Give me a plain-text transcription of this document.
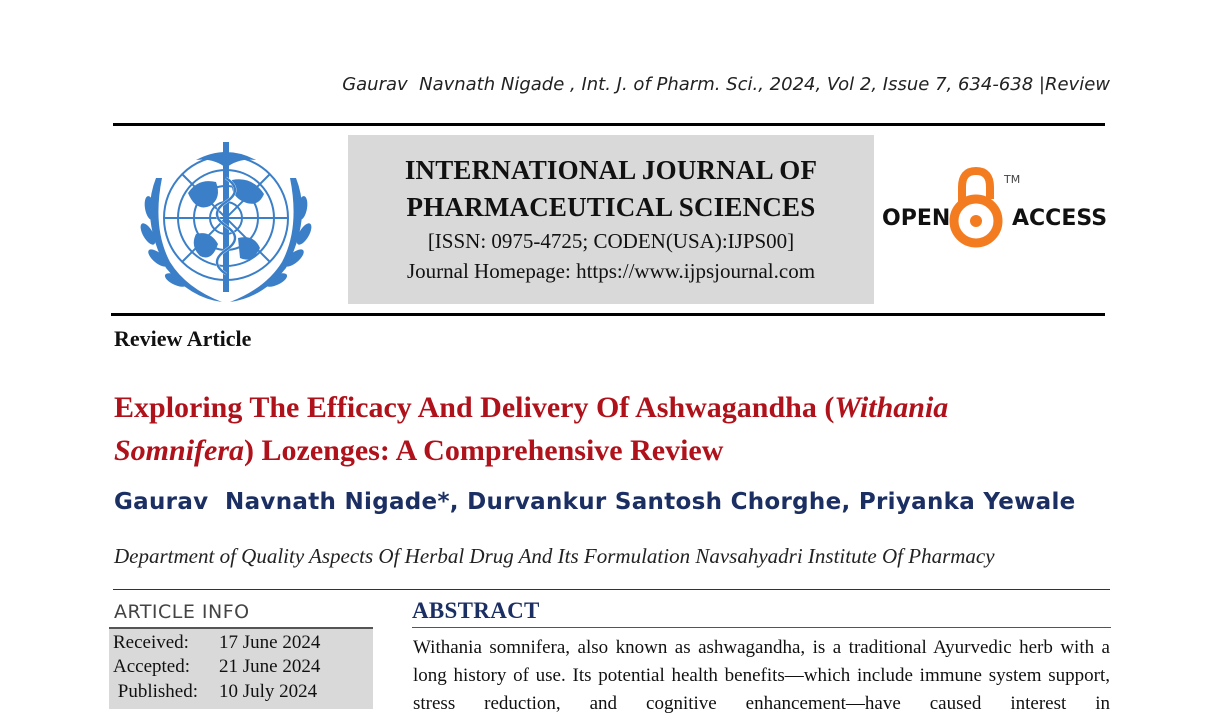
Gaurav  Navnath Nigade , Int. J. of Pharm. Sci., 2024, Vol 2, Issue 7, 634-638 |Review
INTERNATIONAL JOURNAL OF
PHARMACEUTICAL SCIENCES
[ISSN: 0975-4725; CODEN(USA):IJPS00]
Journal Homepage: https://www.ijpsjournal.com
OPEN
TM
ACCESS
Review Article
Exploring The Efficacy And Delivery Of Ashwagandha (Withania Somnifera) Lozenges: A Comprehensive Review
Gaurav  Navnath Nigade*, Durvankur Santosh Chorghe, Priyanka Yewale
Department of Quality Aspects Of Herbal Drug And Its Formulation Navsahyadri Institute Of Pharmacy
ARTICLE INFO
Received: 17 June 2024
Accepted: 21 June 2024
Published: 10 July 2024
ABSTRACT
Withania somnifera, also known as ashwagandha, is a traditional Ayurvedic herb with a long history of use. Its potential health benefits—which include immune system support, stress reduction, and cognitive enhancement—have caused interest in
